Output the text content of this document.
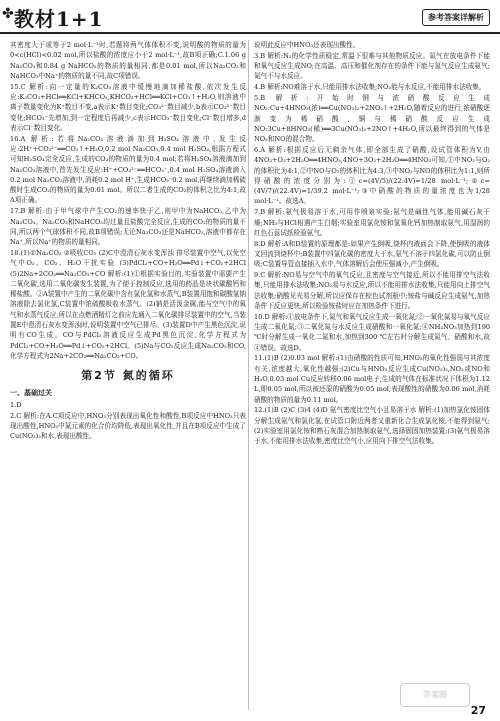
✤ 教材1+1	参考答案详解析
其密度大于或等于2 mol·L⁻¹时,若题将两气体体积不变,说明酸的物质的量为0<c(HCl)<0.02 mol,所以盐酸的浓度应小于2 mol·L⁻¹,故B项正确;C.1.06 g Na₂CO₃和0.84 g NaHCO₃的物质的量相同,都是0.01 mol,所以Na₂CO₃和NaHCO₃中Na⁺的物质的量不同,故C项错误。
15.C 解析:向一定量的K₂CO₃溶液中缓慢地滴加稀盐酸,依次发生反应:K₂CO₃+HCl══KCl+KHCO₃,KHCO₃+HCl══KCl+CO₂↑+H₂O,则溶液中离子数量变化为K⁺数目不变,a表示K⁺数目变化;CO₃²⁻数目减少,b表示CO₃²⁻数目变化;HCO₃⁻先增加,到一定程度后再减少,c表示HCO₃⁻数目变化;Cl⁻数目增多,d表示Cl⁻数目变化。
16.A 解析:若将Na₂CO₃溶液滴加到H₂SO₄溶液中,发生反应:2H⁺+CO₃²⁻══CO₂↑+H₂O,0.2 mol Na₂CO₃,0.4 mol H₂SO₄,根据方程式可知H₂SO₄完全反应,生成的CO₂的物质的量为0.4 mol;若将H₂SO₄溶液滴加到Na₂CO₃溶液中,首先发生反应:H⁺+CO₃²⁻══HCO₃⁻,0.4 mol H₂SO₄溶液滴入0.2 mol Na₂CO₃溶液中,消耗0.2 mol H⁺,生成HCO₃⁻0.2 mol,再继续滴加稀硫酸时生成CO₂的物质的量为0.01 mol。所以二者生成的CO₂的体积之比为4:1,故A项正确。
17.B 解析:由于甲气球中产生CO₂的速率快于乙,则甲中为NaHCO₃,乙中为Na₂CO₃。Na₂CO₃和NaHCO₃均过量且盐酸完全反应,生成的CO₂的物质的量不同,所以两个气球体积不同,故B项错误;无论Na₂CO₃还是NaHCO₃,溶液中都存在Na⁺,所以Na⁺的物质的量相同。
18.(1)①Na₂CO₃ ②吸收CO₂ (2)C中澄清石灰水变浑浊 排尽装置中空气,以免空气中O₂、CO₂、H₂O干扰实验 (3)PdCl₂+CO+H₂O══Pd↓+CO₂+2HCl (5)2Na+2CO₂══Na₂CO₃+CO 解析:(1)①根据实验目的,实验装置中需要产生二氧化碳,选用二氧化碳发生装置,为了便于控制反应,选用的药品是块状碳酸钙和稀盐酸。②A装置中产生的二氧化碳中含有氯化氢和水蒸气,B装置用饱和碳酸氢钠溶液除去氯化氢,C装置中浓硫酸吸收水蒸气。(2)钠是活泼金属,能与空气中的氧气和水蒸气反应,所以在点燃酒精灯之前应先通入二氧化碳排尽装置中的空气,当装置E中澄清石灰水变浑浊时,说明装置中空气已排尽。(3)装置D中产生黑色沉淀,说明有CO生成。CO与PdCl₂溶液反应生成Pd黑色沉淀,化学方程式为PdCl₂+CO+H₂O══Pd↓+CO₂+2HCl。(5)Na与CO₂反应生成Na₂CO₃和CO,化学方程式为2Na+2CO₂══Na₂CO₃+CO。
第2节 氮的循环
一、基础过关
1.D
2.C 解析:在A.C项反应中,HNO₃分别表现出氧化性和酸性,B项反应中HNO₃只表现出酸性,HNO₃中氮元素的化合价均降低,表现出氧化性,并且在B项反应中生成了Cu(NO₃)₂和水,表现出酸性。
说明此反应中HNO₃还表现出酸性。
3.B 解析:N₂的化学性质稳定,常温下很难与其他物质反应。氮气在放电条件下能和氧气反应生成NO;在高温、高压和催化剂存在的条件下能与氢气反应生成氨气;氮气不与水反应。
4.B 解析:NO难溶于水,只能用排水法收集;NO₂能与水反应,不能用排水法收集。
5.B 解析:开始时铜与浓硝酸反应生成NO₂:Cu+4HNO₃(浓)══Cu(NO₃)₂+2NO₂↑+2H₂O,随着反应的进行,浓硝酸逐渐变为稀硝酸,铜与稀硝酸反应生成NO:3Cu+8HNO₃(稀)══3Cu(NO₃)₂+2NO↑+4H₂O,所以最终得到的气体是NO₂和NO的混合物。
6.A 解析:根据反应后无剩余气体,即全部生成了硝酸,设试管体积为V,由4NO₂+O₂+2H₂O══4HNO₃,4NO+3O₂+2H₂O══4HNO₃可知,①中NO₂与O₂的体积比为4:1,②中NO与O₂的体积比为4:3,③中NO₂与NO的体积比为1:1,则所得硝酸的浓度分别为:①c=(4V/5)/(22.4V)=1/28 mol·L⁻¹;②c=(4V/7)/(22.4V)=1/39.2 mol·L⁻¹;③中硝酸的物质的量浓度也为1/28 mol·L⁻¹。故选A。
7.B 解析:氨气极易溶于水,可用作喷泉实验;氨气是碱性气体,能用碱石灰干燥;NH₃与HCl相遇产生白烟;实验室用氯化铵和氢氧化钙加热制取氨气,用湿润的红色石蕊试纸检验氨气。
8.D 解析:A和D装置的原理都是:如果产生倒吸,烧杯内液面会下降,使倒吸的液体又回流到烧杯中;B装置中四氯化碳的密度大于水,氨气不溶于四氯化碳,可以防止倒吸;C装置导管直接插入水中,气体溶解后会使压强减小,产生倒吸。
9.C 解析:NO易与空气中的氧气反应,且密度与空气接近,所以不能用排空气法收集,只能用排水法收集;NO₂易与水反应,所以不能用排水法收集,只能用向上排空气法收集;硝酸见光易分解,所以应保存在棕色试剂瓶中;铵盐与碱反应生成氨气,加热条件下反应更快,所以检验铵盐时应在加热条件下进行。
10.D 解析:①放电条件下,氮气和氧气反应生成一氧化氮;②一氧化氮易与氧气反应生成二氧化氮;③二氧化氮与水反应生成硝酸和一氧化氮;④NH₄NO₃加热到190 ℃时分解生成一氧化二氮和水,加热到300 ℃左右时分解生成氮气、硝酸和水,故④错误。故选D。
11.(1)B (2)0.03 mol 解析:(1)由硝酸的性质可知,HNO₃的氧化性强弱与其浓度有关,浓度越大,氧化性越强;(2)Cu与HNO₃反应生成Cu(NO₃)₂,NO₂或NO和H₂O,0.03 mol Cu反应转移0.06 mol电子,生成的气体在标准状况下体积为1.12 L,即0.05 mol,所以被还原的硝酸为0.05 mol,表现酸性的硝酸为0.06 mol,消耗硝酸的物质的量为0.11 mol。
12.(1)B (2)C (3)4 (4)D 氨气密度比空气小且易溶于水 解析:(1)加热氯化铵固体分解生成氨气和氯化氢,在试管口附近两者又重新化合生成氯化铵,不能得到氨气;(2)实验室用氯化铵和熟石灰混合加热制取氨气,选择固固加热装置;(3)氨气极易溶于水,不能用排水法收集,密度比空气小,应用向下排空气法收集。
答案圈
27
